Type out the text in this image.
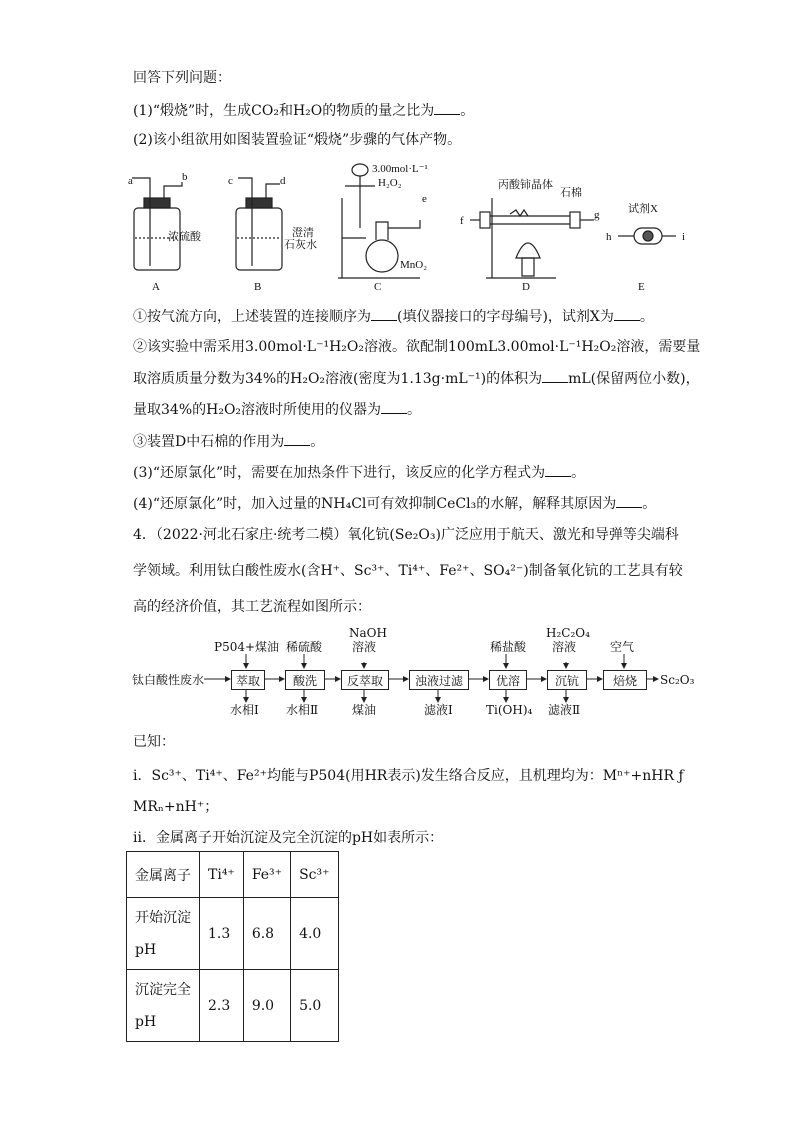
回答下列问题：
(1)“煅烧”时，生成CO₂和H₂O的物质的量之比为 。
(2)该小组欲用如图装置验证“煅烧”步骤的气体产物。
a	b
浓硫酸
A
c	d
澄清
石灰水
B
3.00mol·L⁻¹
H₂O₂
e
MnO₂
C
丙酸铈晶体
石棉
f	g
D
试剂X
h	i
E
①按气流方向，上述装置的连接顺序为 (填仪器接口的字母编号)，试剂X为 。
②该实验中需采用3.00mol·L⁻¹H₂O₂溶液。欲配制100mL3.00mol·L⁻¹H₂O₂溶液，需要量
取溶质质量分数为34%的H₂O₂溶液(密度为1.13g·mL⁻¹)的体积为 mL(保留两位小数)，
量取34%的H₂O₂溶液时所使用的仪器为 。
③装置D中石棉的作用为 。
(3)“还原氯化”时，需要在加热条件下进行，该反应的化学方程式为 。
(4)“还原氯化”时，加入过量的NH₄Cl可有效抑制CeCl₃的水解，解释其原因为 。
4．（2022·河北石家庄·统考二模）氧化钪(Se₂O₃)广泛应用于航天、激光和导弹等尖端科
学领域。利用钛白酸性废水(含H⁺、Sc³⁺、Ti⁴⁺、Fe²⁺、SO₄²⁻)制备氧化钪的工艺具有较
高的经济价值，其工艺流程如图所示：
钛白酸性废水	萃取	酸洗	反萃取	浊液过滤	优溶	沉钪	焙烧	Sc₂O₃
P504+煤油 稀硫酸
NaOH
溶液	稀盐酸
H₂C₂O₄
溶液	空气
水相Ⅰ 水相Ⅱ	煤油	滤液Ⅰ	Ti(OH)₄ 滤液Ⅱ
已知：
i．Sc³⁺、Ti⁴⁺、Fe²⁺均能与P504(用HR表示)发生络合反应，且机理均为：Mⁿ⁺+nHR ƒ
MRₙ+nH⁺；
ii．金属离子开始沉淀及完全沉淀的pH如表所示：
金属离子	Ti⁴⁺	Fe³⁺	Sc³⁺

开始沉淀
pH	1.3	6.8	4.0

沉淀完全
pH	2.3	9.0	5.0
